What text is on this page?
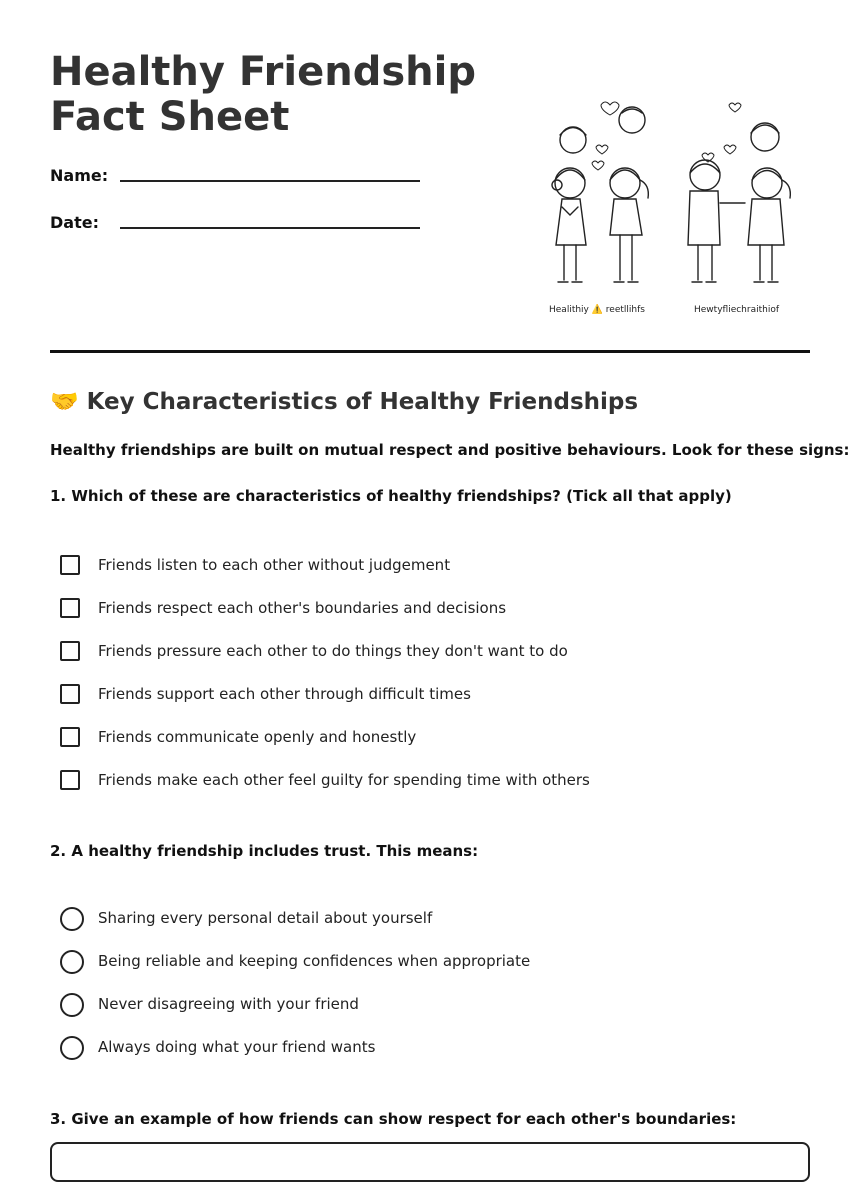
Healthy Friendship Fact Sheet
Name:
Date:
Healithiy ⚠️ reetllihfs	Hewtyfliechraithiof
🤝 Key Characteristics of Healthy Friendships
Healthy friendships are built on mutual respect and positive behaviours. Look for these signs:
1. Which of these are characteristics of healthy friendships? (Tick all that apply)
Friends listen to each other without judgement
Friends respect each other's boundaries and decisions
Friends pressure each other to do things they don't want to do
Friends support each other through difficult times
Friends communicate openly and honestly
Friends make each other feel guilty for spending time with others
2. A healthy friendship includes trust. This means:
Sharing every personal detail about yourself
Being reliable and keeping confidences when appropriate
Never disagreeing with your friend
Always doing what your friend wants
3. Give an example of how friends can show respect for each other's boundaries:
